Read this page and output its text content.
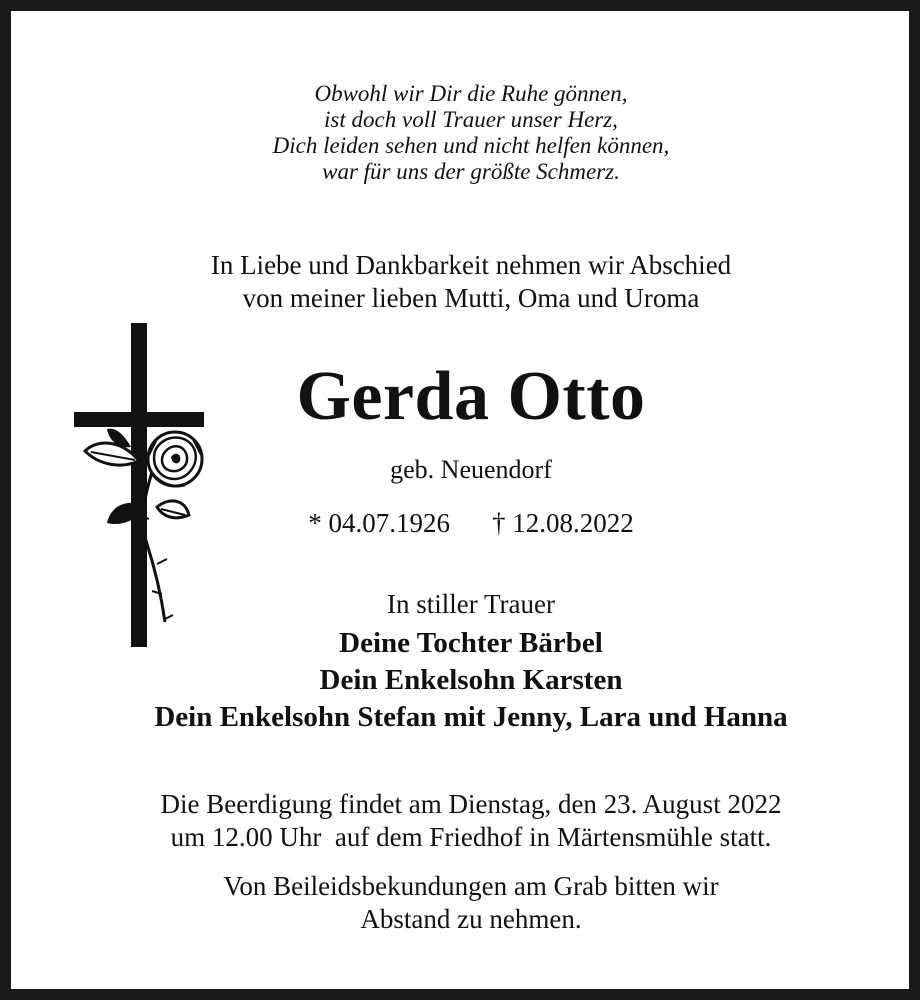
Obwohl wir Dir die Ruhe gönnen,
ist doch voll Trauer unser Herz,
Dich leiden sehen und nicht helfen können,
war für uns der größte Schmerz.
In Liebe und Dankbarkeit nehmen wir Abschied
von meiner lieben Mutti, Oma und Uroma
Gerda Otto
geb. Neuendorf
* 04.07.1926 † 12.08.2022
In stiller Trauer
Deine Tochter Bärbel
Dein Enkelsohn Karsten
Dein Enkelsohn Stefan mit Jenny, Lara und Hanna
Die Beerdigung findet am Dienstag, den 23. August 2022
um 12.00 Uhr  auf dem Friedhof in Märtensmühle statt.
Von Beileidsbekundungen am Grab bitten wir
Abstand zu nehmen.
